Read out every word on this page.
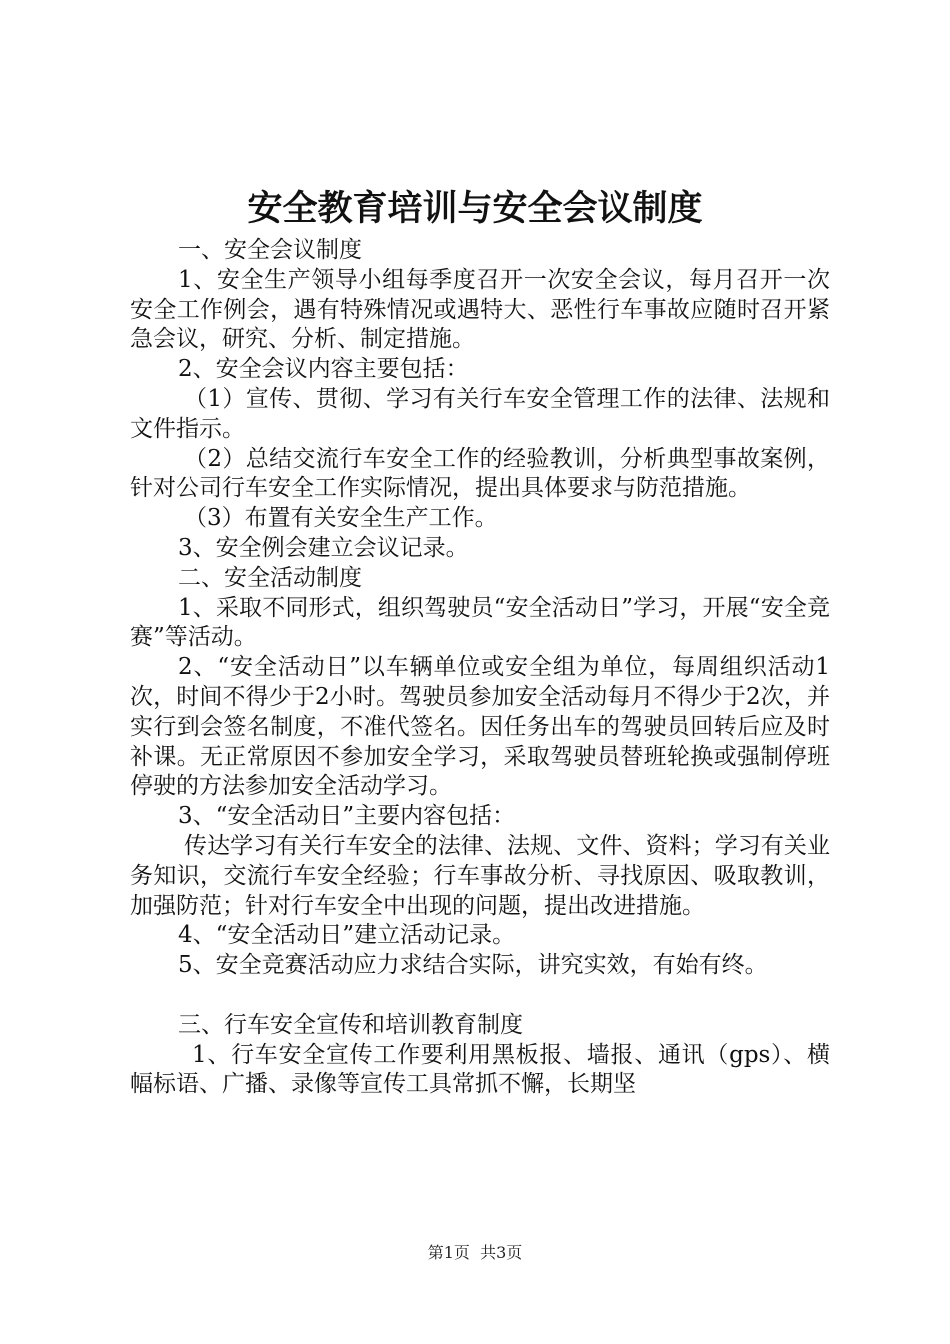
安全教育培训与安全会议制度

一、安全会议制度

1、安全生产领导小组每季度召开一次安全会议，每月召开一次安全工作例会，遇有特殊情况或遇特大、恶性行车事故应随时召开紧急会议，研究、分析、制定措施。

2、安全会议内容主要包括：

（1）宣传、贯彻、学习有关行车安全管理工作的法律、法规和文件指示。

（2）总结交流行车安全工作的经验教训，分析典型事故案例，针对公司行车安全工作实际情况，提出具体要求与防范措施。

（3）布置有关安全生产工作。

3、安全例会建立会议记录。

二、安全活动制度

1、采取不同形式，组织驾驶员“安全活动日”学习，开展“安全竞赛”等活动。

2、“安全活动日”以车辆单位或安全组为单位，每周组织活动1次，时间不得少于2小时。驾驶员参加安全活动每月不得少于2次，并实行到会签名制度，不准代签名。因任务出车的驾驶员回转后应及时补课。无正常原因不参加安全学习，采取驾驶员替班轮换或强制停班停驶的方法参加安全活动学习。

3、“安全活动日”主要内容包括：

传达学习有关行车安全的法律、法规、文件、资料；学习有关业务知识，交流行车安全经验；行车事故分析、寻找原因、吸取教训，加强防范；针对行车安全中出现的问题，提出改进措施。

4、“安全活动日”建立活动记录。

5、安全竞赛活动应力求结合实际，讲究实效，有始有终。

三、行车安全宣传和培训教育制度

1、行车安全宣传工作要利用黑板报、墙报、通讯（gps）、横幅标语、广播、录像等宣传工具常抓不懈，长期坚

第1页 共3页
